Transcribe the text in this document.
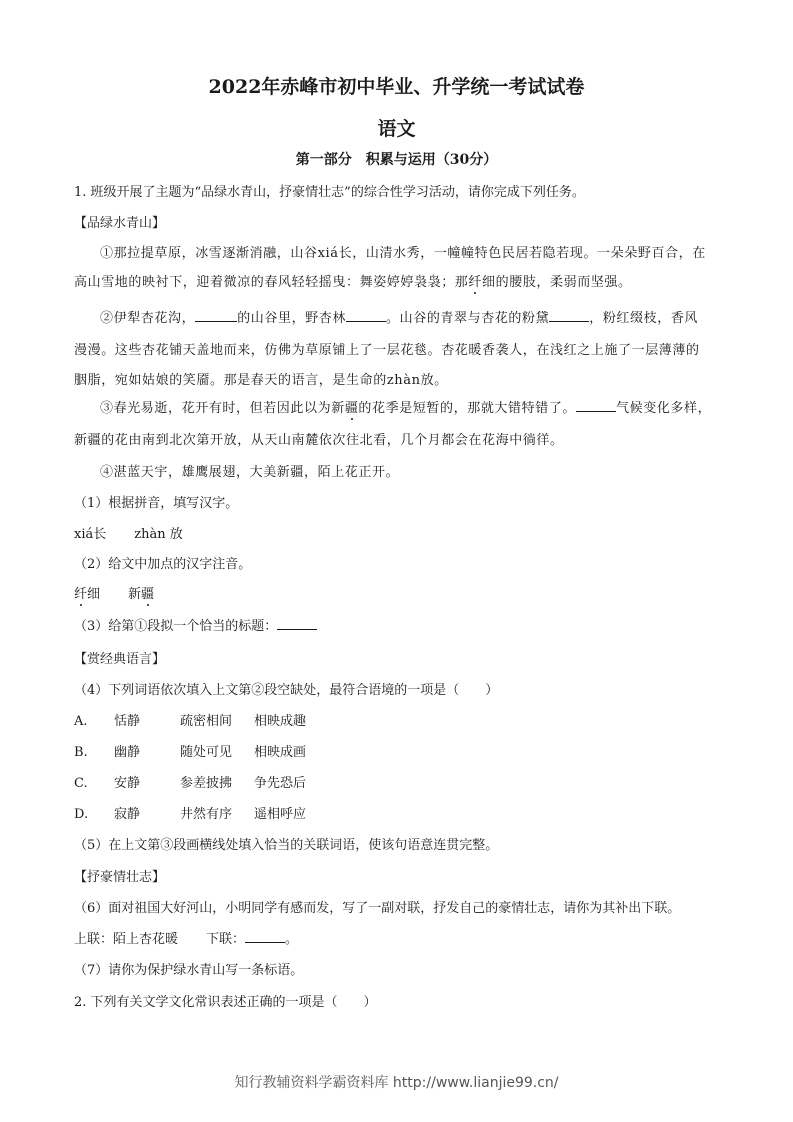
2022年赤峰市初中毕业、升学统一考试试卷
语文
第一部分　积累与运用（30分）
1. 班级开展了主题为“品绿水青山，抒豪情壮志”的综合性学习活动，请你完成下列任务。
【品绿水青山】
①那拉提草原，冰雪逐渐消融，山谷xiá长，山清水秀，一幢幢特色民居若隐若现。一朵朵野百合，在
高山雪地的映衬下，迎着微凉的春风轻轻摇曳：舞姿婷婷袅袅；那纤细的腰肢，柔弱而坚强。
②伊犁杏花沟，	的山谷里，野杏林	。山谷的青翠与杏花的粉黛	，粉红缀枝，香风
漫漫。这些杏花铺天盖地而来，仿佛为草原铺上了一层花毯。杏花暖香袭人，在浅红之上施了一层薄薄的
胭脂，宛如姑娘的笑靥。那是春天的语言，是生命的zhàn放。
③春光易逝，花开有时，但若因此以为新疆的花季是短暂的，那就大错特错了。	气候变化多样，
新疆的花由南到北次第开放，从天山南麓依次往北看，几个月都会在花海中徜徉。
④湛蓝天宇，雄鹰展翅，大美新疆，陌上花正开。
（1）根据拼音，填写汉字。
xiá长 zhàn 放
（2）给文中加点的汉字注音。
纤细 新疆
（3）给第①段拟一个恰当的标题：
【赏经典语言】
（4）下列词语依次填入上文第②段空缺处，最符合语境的一项是（　　）
A. 恬静	疏密相间 相映成趣
B. 幽静	随处可见 相映成画
C. 安静	参差披拂 争先恐后
D. 寂静	井然有序 遥相呼应
（5）在上文第③段画横线处填入恰当的关联词语，使该句语意连贯完整。
【抒豪情壮志】
（6）面对祖国大好河山，小明同学有感而发，写了一副对联，抒发自己的豪情壮志，请你为其补出下联。
上联：陌上杏花暖 下联：	。
（7）请你为保护绿水青山写一条标语。
2. 下列有关文学文化常识表述正确的一项是（　　）
知行教辅资料学霸资料库 http://www.lianjie99.cn/
